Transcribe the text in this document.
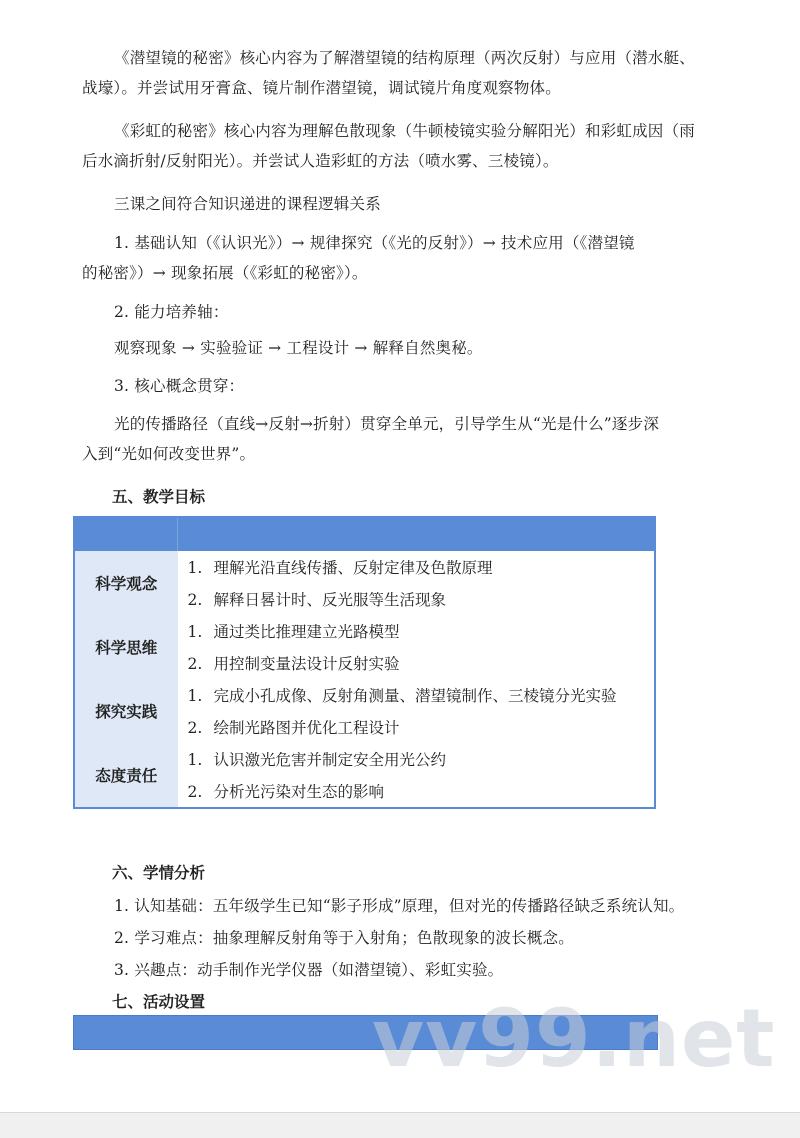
《潜望镜的秘密》核心内容为了解潜望镜的结构原理（两次反射）与应用（潜水艇、
战壕）。并尝试用牙膏盒、镜片制作潜望镜，调试镜片角度观察物体。
《彩虹的秘密》核心内容为理解色散现象（牛顿棱镜实验分解阳光）和彩虹成因（雨
后水滴折射/反射阳光）。并尝试人造彩虹的方法（喷水雾、三棱镜）。
三课之间符合知识递进的课程逻辑关系
1. 基础认知（《认识光》）→ 规律探究（《光的反射》）→ 技术应用（《潜望镜
的秘密》）→ 现象拓展（《彩虹的秘密》）。
2. 能力培养轴：
观察现象 → 实验验证 → 工程设计 → 解释自然奥秘。
3. 核心概念贯穿：
光的传播路径（直线→反射→折射）贯穿全单元，引导学生从“光是什么”逐步深
入到“光如何改变世界”。
五、教学目标

科学观念	1. 理解光沿直线传播、反射定律及色散原理
	2. 解释日晷计时、反光服等生活现象
科学思维	1. 通过类比推理建立光路模型
	2. 用控制变量法设计反射实验
探究实践	1. 完成小孔成像、反射角测量、潜望镜制作、三棱镜分光实验
	2. 绘制光路图并优化工程设计
态度责任	1. 认识激光危害并制定安全用光公约
	2. 分析光污染对生态的影响
六、学情分析
1. 认知基础：五年级学生已知“影子形成”原理，但对光的传播路径缺乏系统认知。
2. 学习难点：抽象理解反射角等于入射角；色散现象的波长概念。
3. 兴趣点：动手制作光学仪器（如潜望镜）、彩虹实验。
七、活动设置 vv99.net
